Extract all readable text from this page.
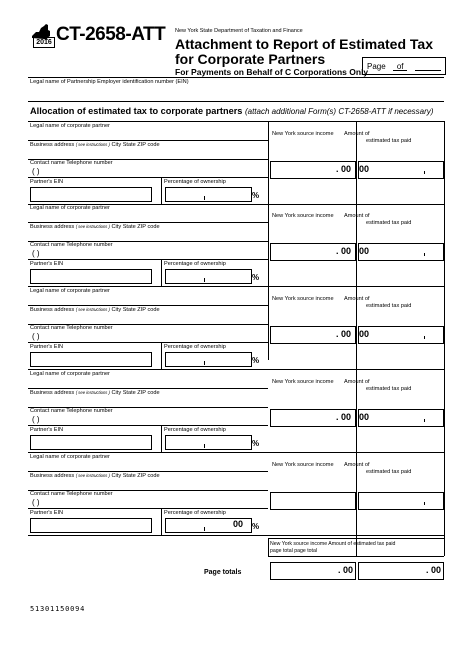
2016 CT-2658-ATT New York State Department of Taxation and Finance
Attachment to Report of Estimated Tax for Corporate Partners
For Payments on Behalf of C Corporations Only
Page of
Legal name of Partnership Employer identification number (EIN)
Allocation of estimated tax to corporate partners (attach additional Form(s) CT-2658-ATT if necessary)
Legal name of corporate partner
Business address ( see instructions ) City State ZIP code
Contact name Telephone number
( )
Partner's EIN	Percentage of ownership
%
New York source income Amount of
estimated tax paid
. 00 00
Legal name of corporate partner
Business address ( see instructions ) City State ZIP code
Contact name Telephone number
( )
Partner's EIN	Percentage of ownership
%
New York source income Amount of
estimated tax paid
. 00 00
Legal name of corporate partner
Business address ( see instructions ) City State ZIP code
Contact name Telephone number
( )
Partner's EIN	Percentage of ownership
%
New York source income Amount of
estimated tax paid
. 00 00
Legal name of corporate partner
Business address ( see instructions ) City State ZIP code
Contact name Telephone number
( )
Partner's EIN	Percentage of ownership
%
New York source income Amount of
estimated tax paid
. 00 00
Legal name of corporate partner
Business address ( see instructions ) City State ZIP code
Contact name Telephone number
( )
Partner's EIN	Percentage of ownership
00 %
New York source income Amount of
estimated tax paid
New York source income Amount of estimated tax paid
page total page total
Page totals	. 00	. 00
51301150094
